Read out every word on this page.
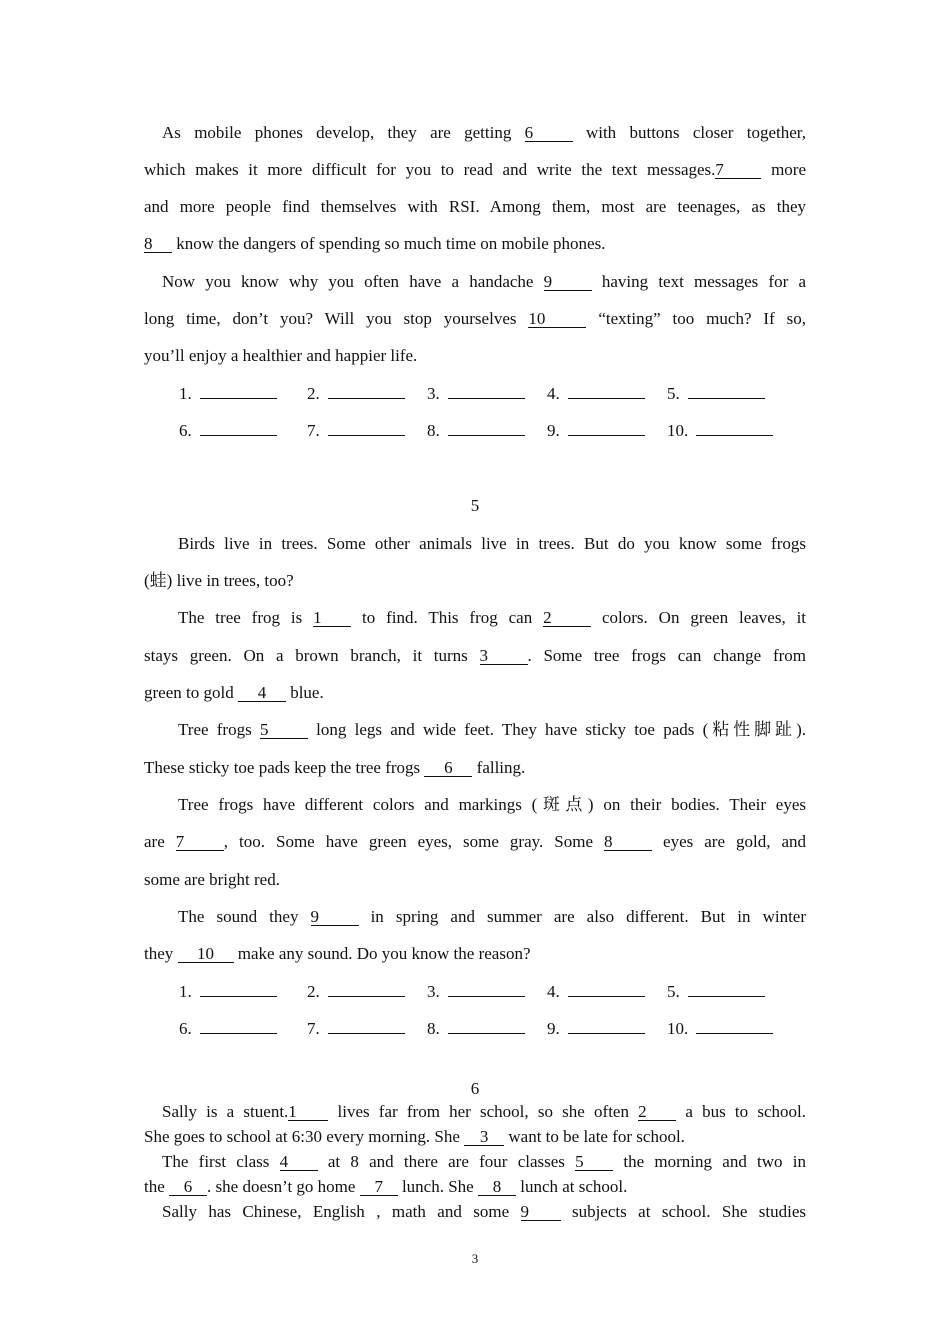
As mobile phones develop, they are getting 6	with buttons closer together,
which makes it more difficult for you to read and write the text messages.7	more
and more people find themselves with RSI. Among them, most are teenages, as they
8 know the dangers of spending so much time on mobile phones.
Now you know why you often have a handache 9	having text messages for a
long time, don’t you? Will you stop yourselves 10	“texting” too much? If so,
you’ll enjoy a healthier and happier life.
1.	2.	3.	4.	5.
6.	7.	8.	9.	10.
5
Birds live in trees. Some other animals live in trees. But do you know some frogs
(蛙) live in trees, too?
The tree frog is 1 to find. This frog can 2	colors. On green leaves, it
stays green. On a brown branch, it turns 3 . Some tree frogs can change from
green to gold 4 blue.
Tree frogs 5	long legs and wide feet. They have sticky toe pads (粘性脚趾).
These sticky toe pads keep the tree frogs 6 falling.
Tree frogs have different colors and markings (斑点) on their bodies. Their eyes
are 7 , too. Some have green eyes, some gray. Some 8	eyes are gold, and
some are bright red.
The sound they 9	in spring and summer are also different. But in winter
they 10 make any sound. Do you know the reason?
1.	2.	3.	4.	5.
6.	7.	8.	9.	10.
6
Sally is a stuent.1 lives far from her school, so she often 2 a bus to school.
She goes to school at 6:30 every morning. She 3 want to be late for school.
The first class 4 at 8 and there are four classes 5 the morning and two in
the 6 . she doesn’t go home 7 lunch. She 8 lunch at school.
Sally has Chinese, English , math and some 9	subjects at school. She studies
3
